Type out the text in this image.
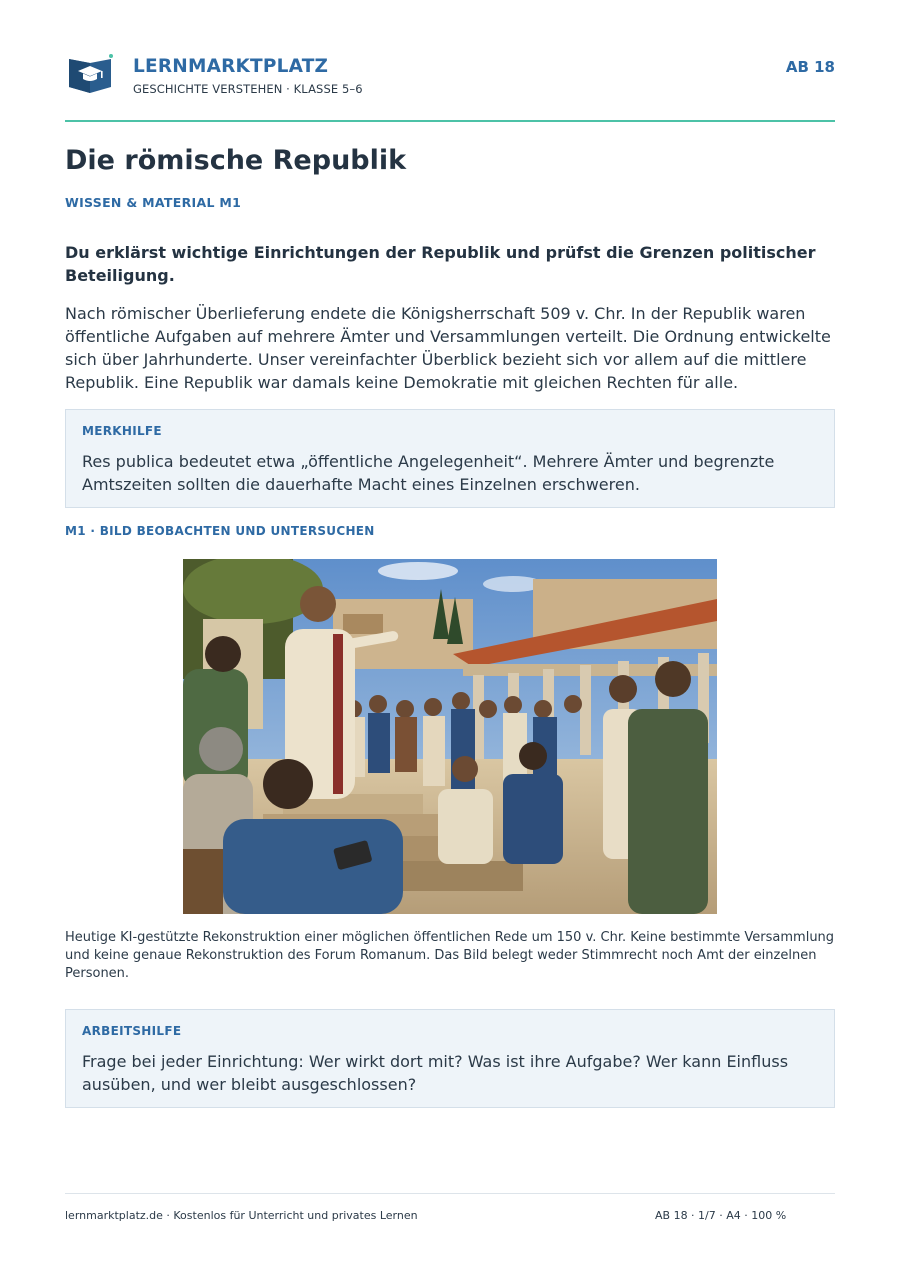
LERNMARKTPLATZ
GESCHICHTE VERSTEHEN · KLASSE 5–6
AB 18
Die römische Republik
WISSEN & MATERIAL M1

Du erklärst wichtige Einrichtungen der Republik und prüfst die Grenzen politischer Beteiligung.

Nach römischer Überlieferung endete die Königsherrschaft 509 v. Chr. In der Republik waren öffentliche Aufgaben auf mehrere Ämter und Versammlungen verteilt. Die Ordnung entwickelte sich über Jahrhunderte. Unser vereinfachter Überblick bezieht sich vor allem auf die mittlere Republik. Eine Republik war damals keine Demokratie mit gleichen Rechten für alle.

MERKHILFE

Res publica bedeutet etwa „öffentliche Angelegenheit“. Mehrere Ämter und begrenzte Amtszeiten sollten die dauerhafte Macht eines Einzelnen erschweren.

M1 · BILD BEOBACHTEN UND UNTERSUCHEN

Heutige KI-gestützte Rekonstruktion einer möglichen öffentlichen Rede um 150 v. Chr. Keine bestimmte Versammlung und keine genaue Rekonstruktion des Forum Romanum. Das Bild belegt weder Stimmrecht noch Amt der einzelnen Personen.

ARBEITSHILFE

Frage bei jeder Einrichtung: Wer wirkt dort mit? Was ist ihre Aufgabe? Wer kann Einfluss ausüben, und wer bleibt ausgeschlossen?

lernmarktplatz.de · Kostenlos für Unterricht und privates Lernen	AB 18 · 1/7 · A4 · 100 %
